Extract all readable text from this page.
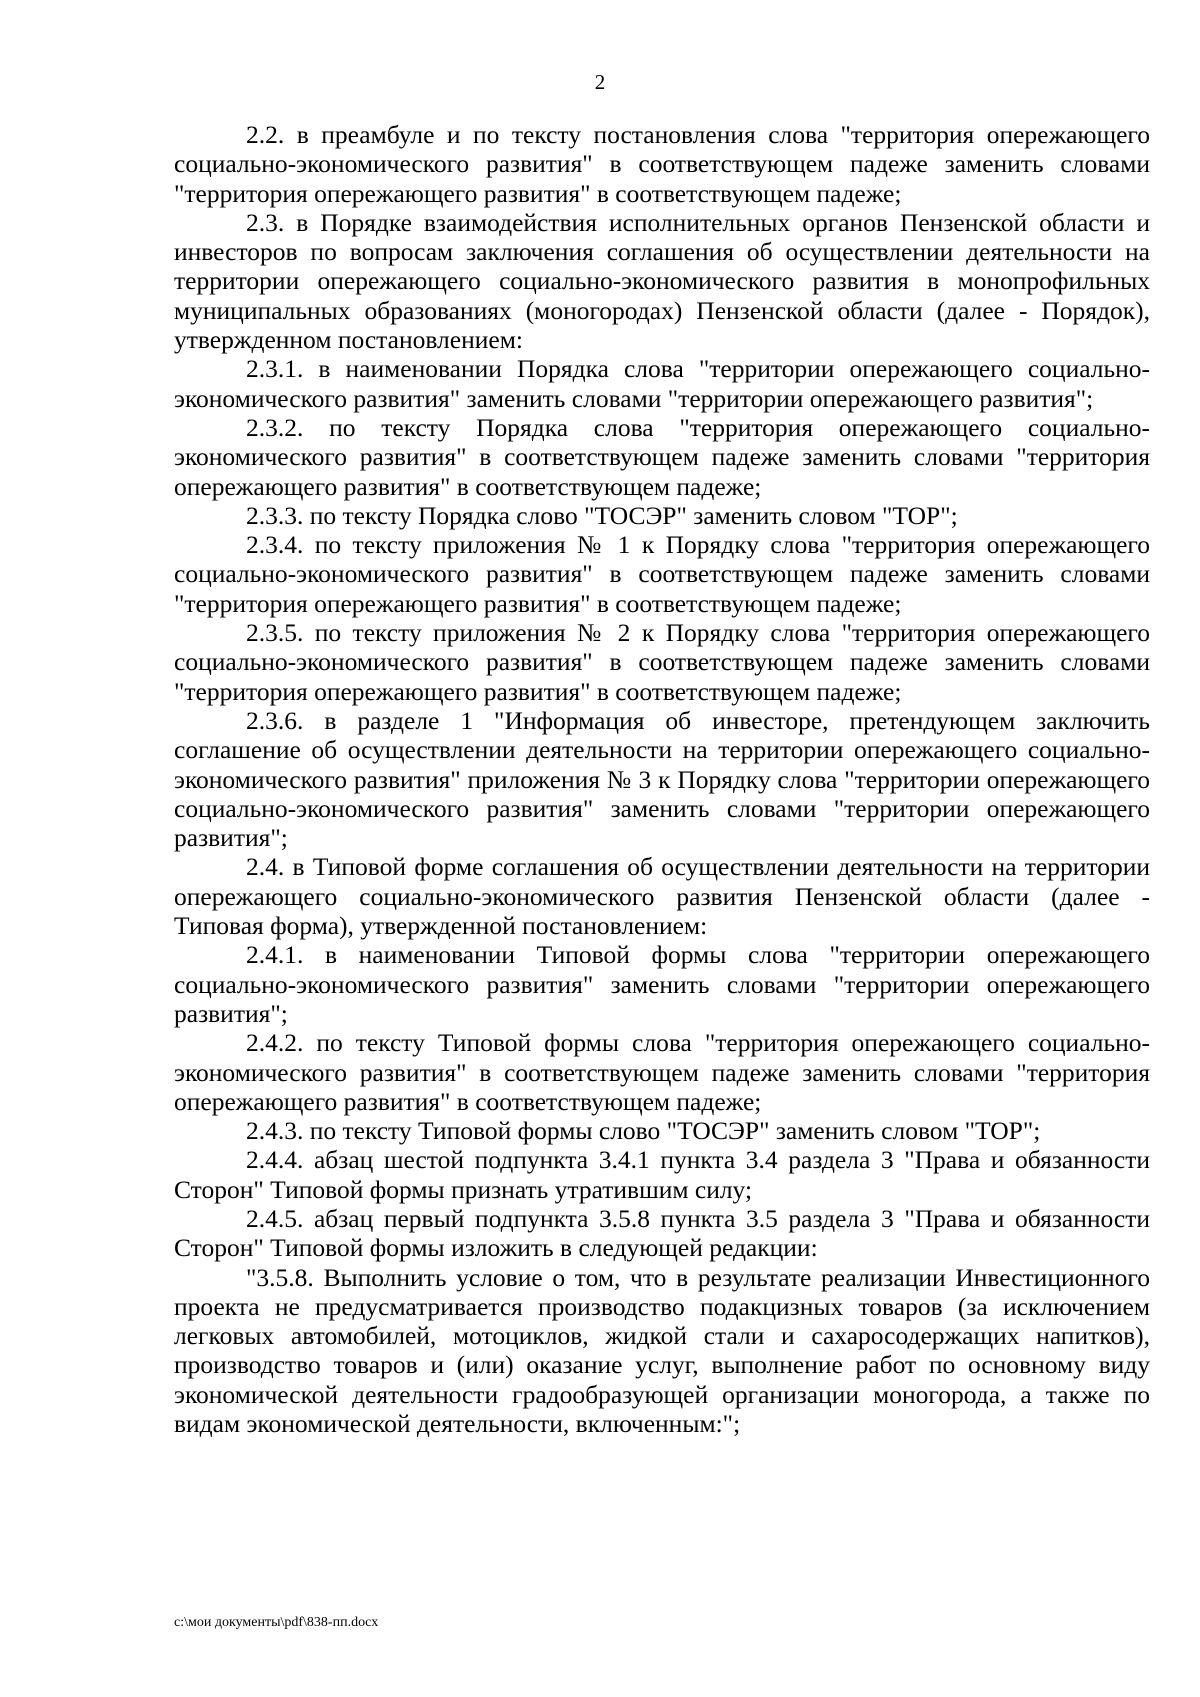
2

2.2. в преамбуле и по тексту постановления слова "территория опережающего социально-экономического развития" в соответствующем падеже заменить словами "территория опережающего развития" в соответствующем падеже;

2.3. в Порядке взаимодействия исполнительных органов Пензенской области и инвесторов по вопросам заключения соглашения об осуществлении деятельности на территории опережающего социально-экономического развития в монопрофильных муниципальных образованиях (моногородах) Пензенской области (далее - Порядок), утвержденном постановлением:

2.3.1. в наименовании Порядка слова "территории опережающего социально-экономического развития" заменить словами "территории опережающего развития";

2.3.2. по тексту Порядка слова "территория опережающего социально-экономического развития" в соответствующем падеже заменить словами "территория опережающего развития" в соответствующем падеже;

2.3.3. по тексту Порядка слово "ТОСЭР" заменить словом "ТОР";

2.3.4. по тексту приложения № 1 к Порядку слова "территория опережающего социально-экономического развития" в соответствующем падеже заменить словами "территория опережающего развития" в соответствующем падеже;

2.3.5. по тексту приложения № 2 к Порядку слова "территория опережающего социально-экономического развития" в соответствующем падеже заменить словами "территория опережающего развития" в соответствующем падеже;

2.3.6. в разделе 1 "Информация об инвесторе, претендующем заключить соглашение об осуществлении деятельности на территории опережающего социально-экономического развития" приложения № 3 к Порядку слова "территории опережающего социально-экономического развития" заменить словами "территории опережающего развития";

2.4. в Типовой форме соглашения об осуществлении деятельности на территории опережающего социально-экономического развития Пензенской области (далее - Типовая форма), утвержденной постановлением:

2.4.1. в наименовании Типовой формы слова "территории опережающего социально-экономического развития" заменить словами "территории опережающего развития";

2.4.2. по тексту Типовой формы слова "территория опережающего социально-экономического развития" в соответствующем падеже заменить словами "территория опережающего развития" в соответствующем падеже;

2.4.3. по тексту Типовой формы слово "ТОСЭР" заменить словом "ТОР";

2.4.4. абзац шестой подпункта 3.4.1 пункта 3.4 раздела 3 "Права и обязанности Сторон" Типовой формы признать утратившим силу;

2.4.5. абзац первый подпункта 3.5.8 пункта 3.5 раздела 3 "Права и обязанности Сторон" Типовой формы изложить в следующей редакции:

"3.5.8. Выполнить условие о том, что в результате реализации Инвестиционного проекта не предусматривается производство подакцизных товаров (за исключением легковых автомобилей, мотоциклов, жидкой стали и сахаросодержащих напитков), производство товаров и (или) оказание услуг, выполнение работ по основному виду экономической деятельности градообразующей организации моногорода, а также по видам экономической деятельности, включенным:";

c:\мои документы\pdf\838-пп.docx
